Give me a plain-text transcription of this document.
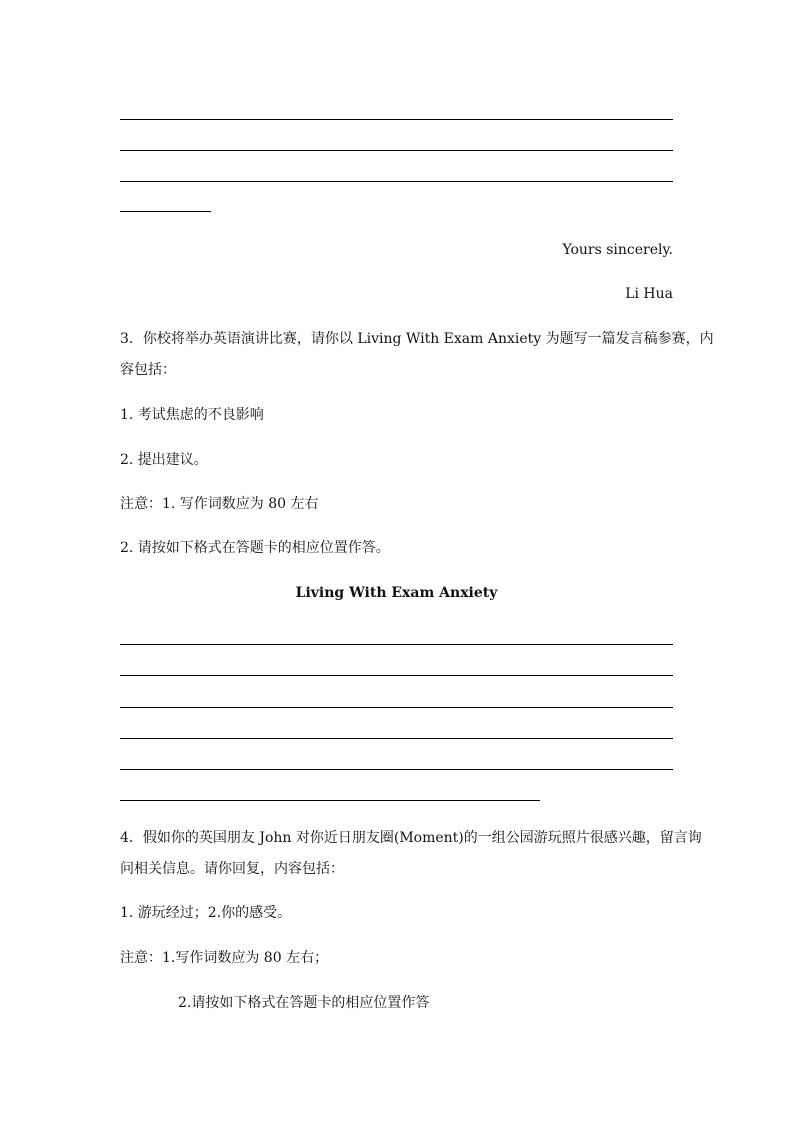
Yours sincerely.
Li Hua
3．你校将举办英语演讲比赛，请你以 Living With Exam Anxiety 为题写一篇发言稿参赛，内
容包括：
1. 考试焦虑的不良影响
2. 提出建议。
注意：1. 写作词数应为 80 左右
2. 请按如下格式在答题卡的相应位置作答。
Living With Exam Anxiety
4．假如你的英国朋友 John 对你近日朋友圈(Moment)的一组公园游玩照片很感兴趣，留言询
问相关信息。请你回复，内容包括：
1. 游玩经过；2.你的感受。
注意：1.写作词数应为 80 左右；
2.请按如下格式在答题卡的相应位置作答
